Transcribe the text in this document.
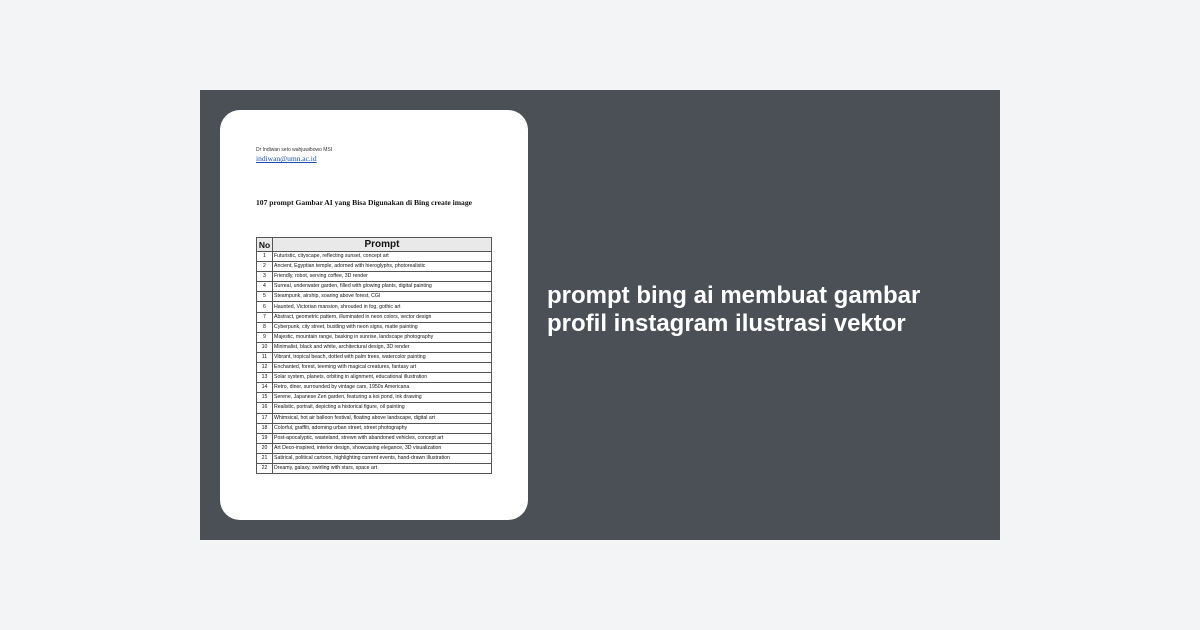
Dr Indiwan seto wahjuwibowo MSI
indiwan@umn.ac.id
107 prompt Gambar AI yang Bisa Digunakan di Bing create image
No	Prompt
1	Futuristic, cityscape, reflecting sunset, concept art
2	Ancient, Egyptian temple, adorned with hieroglyphs, photorealistic
3	Friendly, robot, serving coffee, 3D render
4	Surreal, underwater garden, filled with glowing plants, digital painting
5	Steampunk, airship, soaring above forest, CGI
6	Haunted, Victorian mansion, shrouded in fog, gothic art
7	Abstract, geometric pattern, illuminated in neon colors, vector design
8	Cyberpunk, city street, bustling with neon signs, matte painting
9	Majestic, mountain range, basking in sunrise, landscape photography
10	Minimalist, black and white, architectural design, 3D render
11	Vibrant, tropical beach, dotted with palm trees, watercolor painting
12	Enchanted, forest, teeming with magical creatures, fantasy art
13	Solar system, planets, orbiting in alignment, educational illustration
14	Retro, diner, surrounded by vintage cars, 1950s Americana
15	Serene, Japanese Zen garden, featuring a koi pond, ink drawing
16	Realistic, portrait, depicting a historical figure, oil painting
17	Whimsical, hot air balloon festival, floating above landscape, digital art
18	Colorful, graffiti, adorning urban street, street photography
19	Post-apocalyptic, wasteland, strewn with abandoned vehicles, concept art
20	Art Deco-inspired, interior design, showcasing elegance, 3D visualization
21	Satirical, political cartoon, highlighting current events, hand-drawn illustration
22	Dreamy, galaxy, swirling with stars, space art
prompt bing ai membuat gambar profil instagram ilustrasi vektor
